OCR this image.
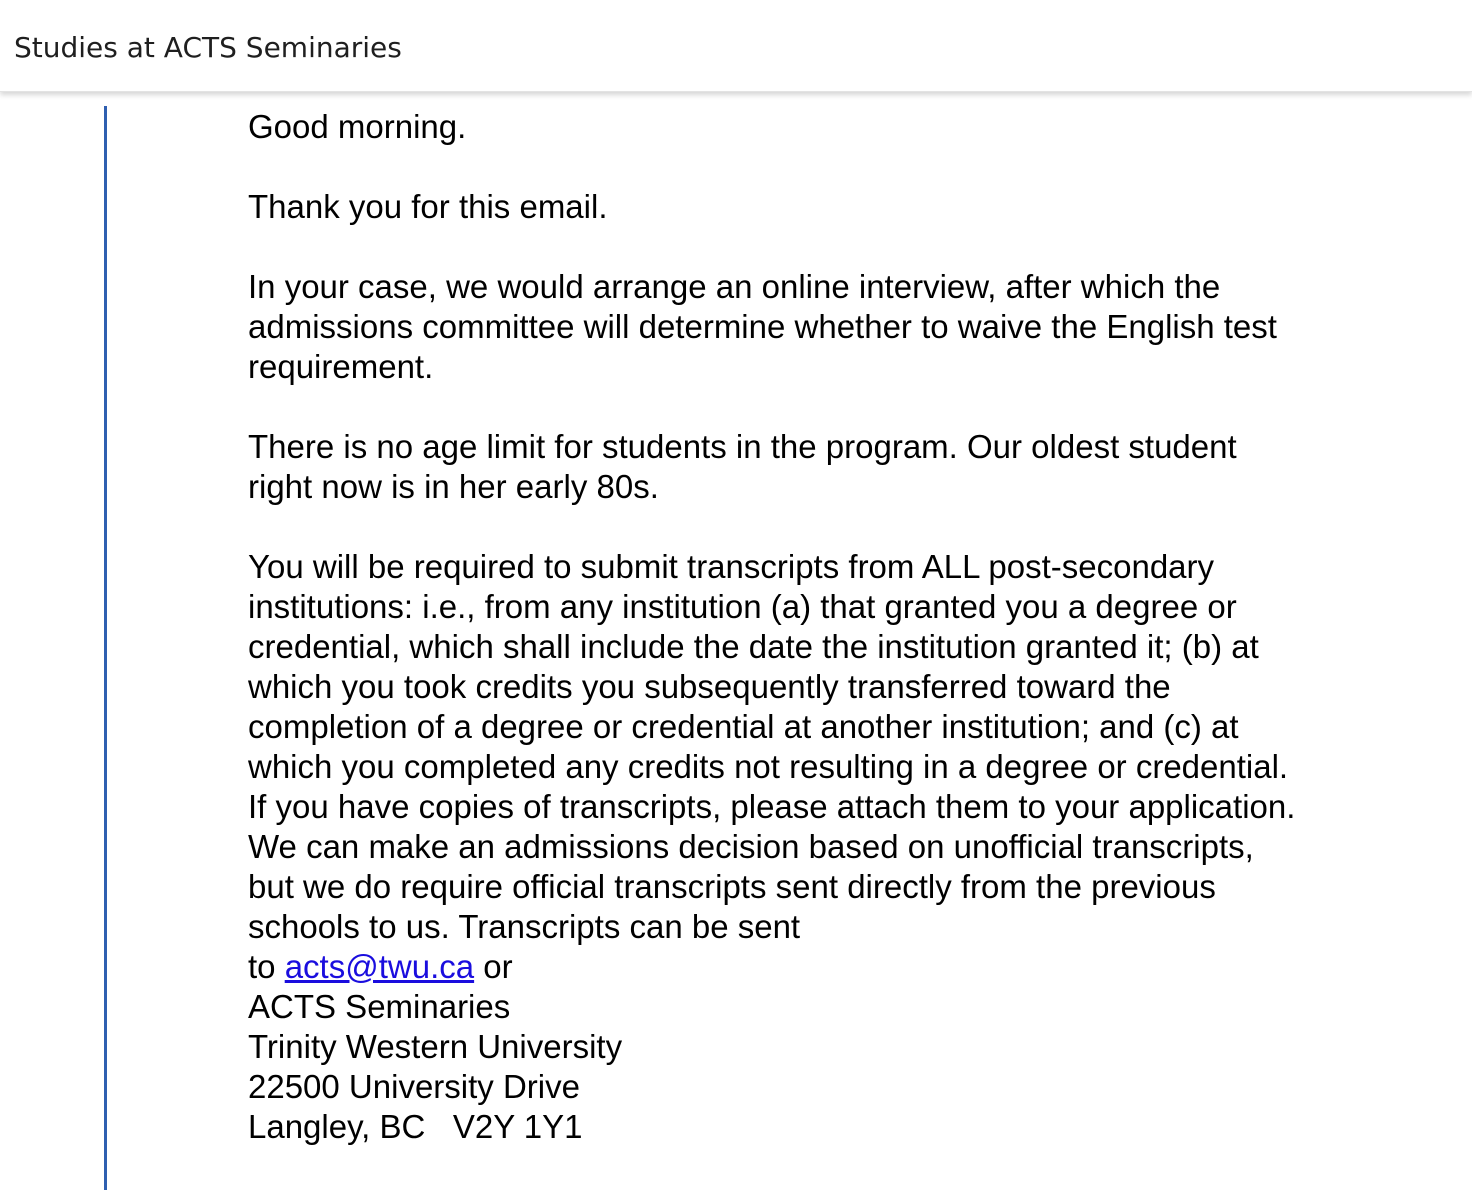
Studies at ACTS Seminaries

Good morning.

Thank you for this email.

In your case, we would arrange an online interview, after which the admissions committee will determine whether to waive the English test requirement.

There is no age limit for students in the program. Our oldest student right now is in her early 80s.

You will be required to submit transcripts from ALL post-secondary institutions: i.e., from any institution (a) that granted you a degree or credential, which shall include the date the institution granted it; (b) at which you took credits you subsequently transferred toward the completion of a degree or credential at another institution; and (c) at which you completed any credits not resulting in a degree or credential. If you have copies of transcripts, please attach them to your application. We can make an admissions decision based on unofficial transcripts, but we do require official transcripts sent directly from the previous schools to us. Transcripts can be sent
to acts@twu.ca or
ACTS Seminaries
Trinity Western University
22500 University Drive
Langley, BC   V2Y 1Y1
